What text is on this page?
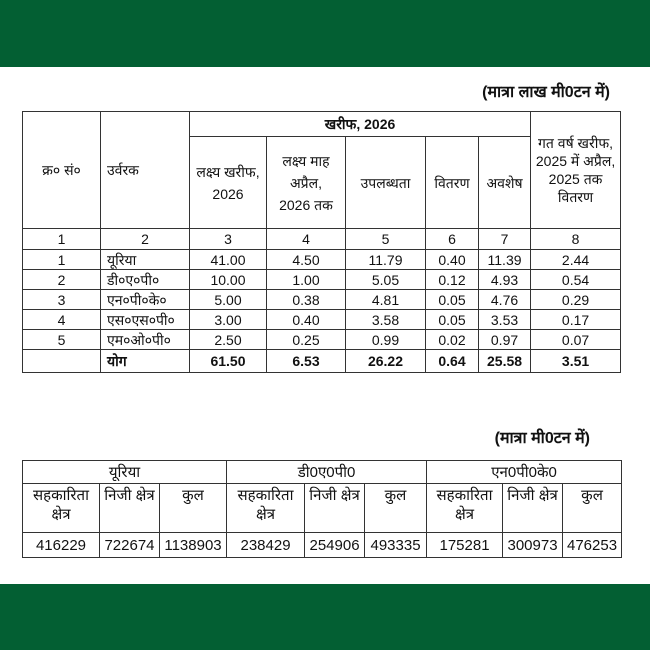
(मात्रा लाख मी0टन में)
क्र० सं०	उर्वरक	खरीफ, 2026					गत वर्ष खरीफ, 2025 में अप्रैल, 2025 तक वितरण
		लक्ष्य खरीफ, 2026	लक्ष्य माह अप्रैल, 2026 तक	उपलब्धता	वितरण	अवशेष	
1	2	3	4	5	6	7	8
1	यूरिया	41.00	4.50	11.79	0.40	11.39	2.44
2	डी०ए०पी०	10.00	1.00	5.05	0.12	4.93	0.54
3	एन०पी०के०	5.00	0.38	4.81	0.05	4.76	0.29
4	एस०एस०पी०	3.00	0.40	3.58	0.05	3.53	0.17
5	एम०ओ०पी०	2.50	0.25	0.99	0.02	0.97	0.07
	योग	61.50	6.53	26.22	0.64	25.58	3.51
(मात्रा मी0टन में)
यूरिया			डी0ए0पी0			एन0पी0के0		
सहकारिता क्षेत्र	निजी क्षेत्र	कुल	सहकारिता क्षेत्र	निजी क्षेत्र	कुल	सहकारिता क्षेत्र	निजी क्षेत्र	कुल
416229	722674	1138903	238429	254906	493335	175281	300973	476253
